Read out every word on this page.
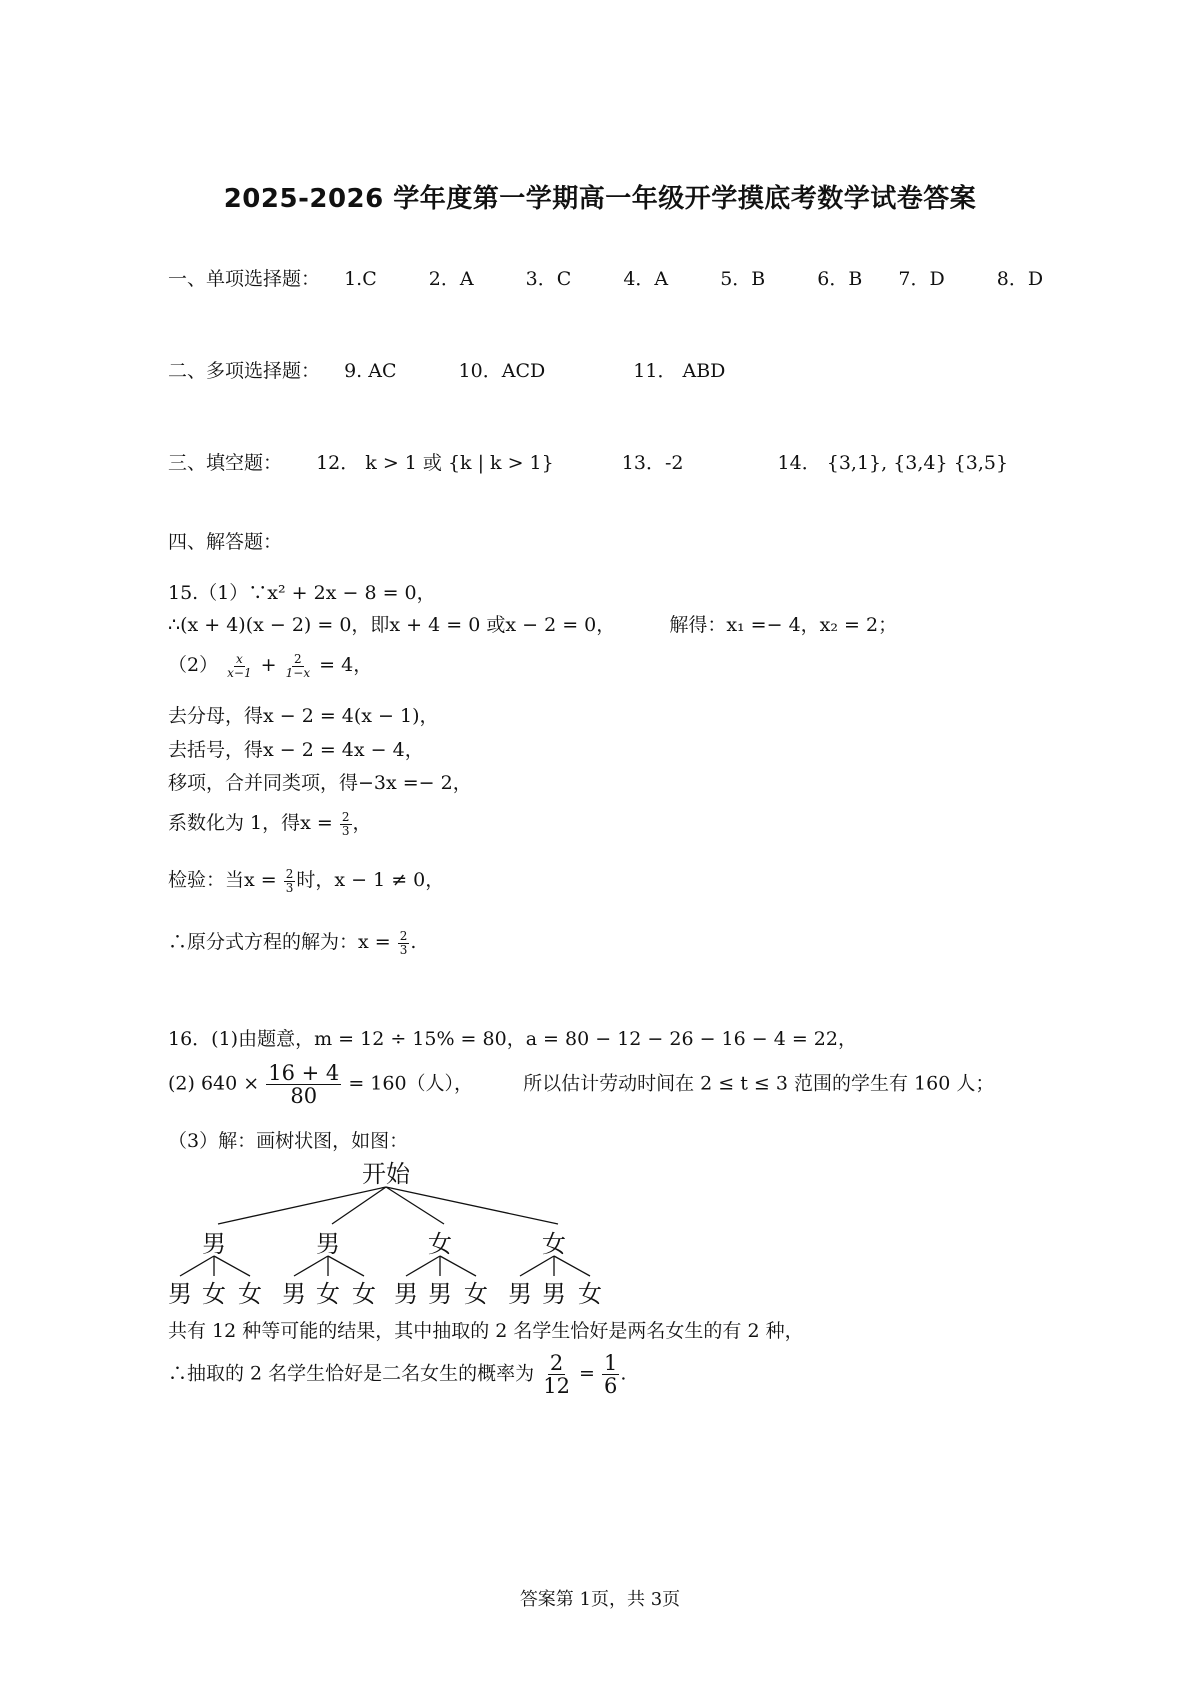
2025-2026 学年度第一学期高一年级开学摸底考数学试卷答案
一、单项选择题： 1.C	2．A	3．C	4．A	5．B	6．B 7．D	8．D
二、多项选择题： 9. AC	10．ACD	11． ABD
三、填空题： 12． k > 1 或 {k | k > 1}	13．-2	14． {3,1}, {3,4} {3,5}
四、解答题：
15.（1）∵x² + 2x − 8 = 0，
∴(x + 4)(x − 2) = 0，即x + 4 = 0 或x − 2 = 0，	解得：x₁ =− 4，x₂ = 2；
$(2) \frac{x}{x-1} + \frac{2}{1-x} = 4$，
去分母，得x − 2 = 4(x − 1)，
去括号，得x − 2 = 4x − 4，
移项，合并同类项，得−3x =− 2，
系数化为 1，得$x = \frac{2}{3}$ ，
检验：当$x = \frac{2}{3}$ 时，x − 1 ≠ 0，
∴原分式方程的解为：$x = \frac{2}{3}$ .
16．(1)由题意，m = 12 ÷ 15% = 80，a = 80 − 12 − 26 − 16 − 4 = 22，
(2) $640 \times \frac{16 + 4}{80} = 160$（人），	所以估计劳动时间在 2 ≤ t ≤ 3 范围的学生有 160 人；
（3）解：画树状图，如图：
开始
男	男	女	女
男 女 女 男 女 女 男 男 女 男 男 女
共有 12 种等可能的结果，其中抽取的 2 名学生恰好是两名女生的有 2 种，
∴抽取的 2 名学生恰好是二名女生的概率为 $\frac{2}{12} = \frac{1}{6}$ .
答案第 1页，共 3页
